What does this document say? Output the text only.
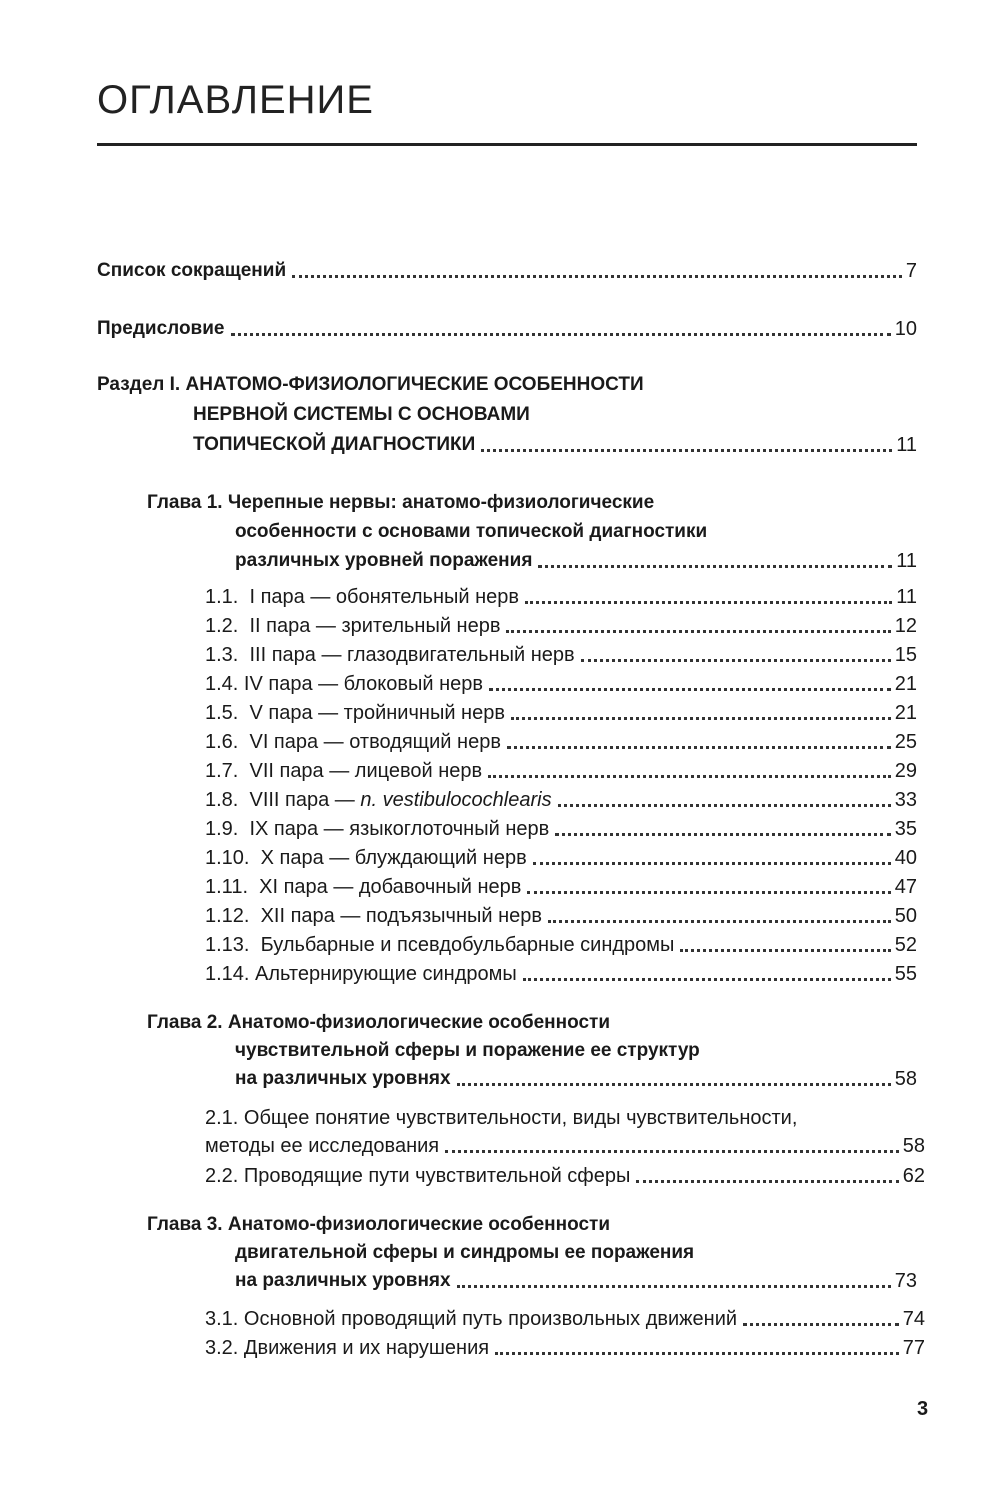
ОГЛАВЛЕНИЕ
Список сокращений	7
Предисловие	10
Раздел I. АНАТОМО-ФИЗИОЛОГИЧЕСКИЕ ОСОБЕННОСТИ
НЕРВНОЙ СИСТЕМЫ С ОСНОВАМИ
ТОПИЧЕСКОЙ ДИАГНОСТИКИ	11
Глава 1. Черепные нервы: анатомо-физиологические
особенности с основами топической диагностики
различных уровней поражения	11
1.1.  I пара — обонятельный нерв	11
1.2.  II пара — зрительный нерв	12
1.3.  III пара — глазодвигательный нерв	15
1.4. IV пара — блоковый нерв	21
1.5.  V пара — тройничный нерв	21
1.6.  VI пара — отводящий нерв	25
1.7.  VII пара — лицевой нерв	29
1.8.  VIII пара — n. vestibulocochlearis	33
1.9.  IX пара — языкоглоточный нерв	35
1.10.  X пара — блуждающий нерв	40
1.11.  XI пара — добавочный нерв	47
1.12.  XII пара — подъязычный нерв	50
1.13.  Бульбарные и псевдобульбарные синдромы	52
1.14. Альтернирующие синдромы	55
Глава 2. Анатомо-физиологические особенности
чувствительной сферы и поражение ее структур
на различных уровнях	58
2.1. Общее понятие чувствительности, виды чувствительности,
методы ее исследования	58
2.2. Проводящие пути чувствительной сферы	62
Глава 3. Анатомо-физиологические особенности
двигательной сферы и синдромы ее поражения
на различных уровнях	73
3.1. Основной проводящий путь произвольных движений	74
3.2. Движения и их нарушения	77
3
